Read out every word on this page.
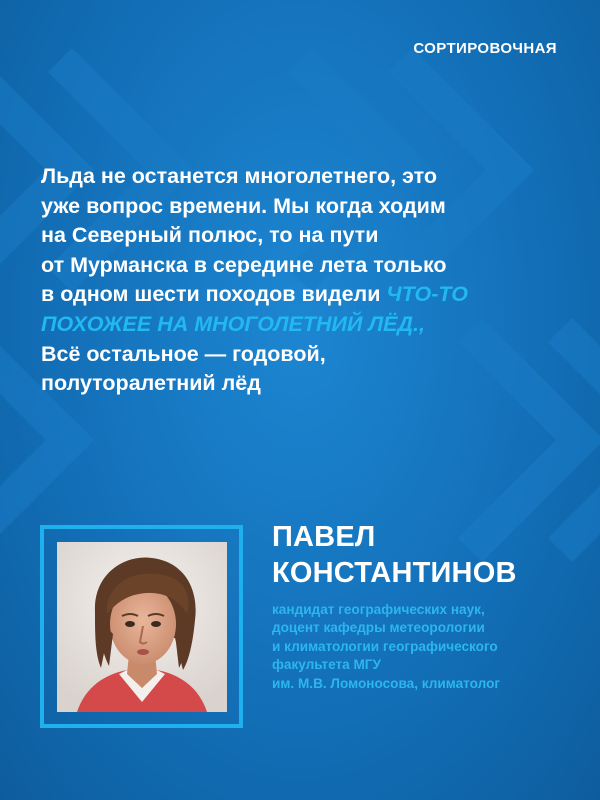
СОРТИРОВОЧНАЯ
Льда не останется многолетнего, это
уже вопрос времени. Мы когда ходим
на Северный полюс, то на пути
от Мурманска в середине лета только
в одном шести походов видели ЧТО-ТО
ПОХОЖЕЕ НА МНОГОЛЕТНИЙ ЛЁД.,
Всё остальное — годовой,
полуторалетний лёд
ПАВЕЛ
КОНСТАНТИНОВ
кандидат географических наук,
доцент кафедры метеорологии
и климатологии географического
факультета МГУ
им. М.В. Ломоносова, климатолог
